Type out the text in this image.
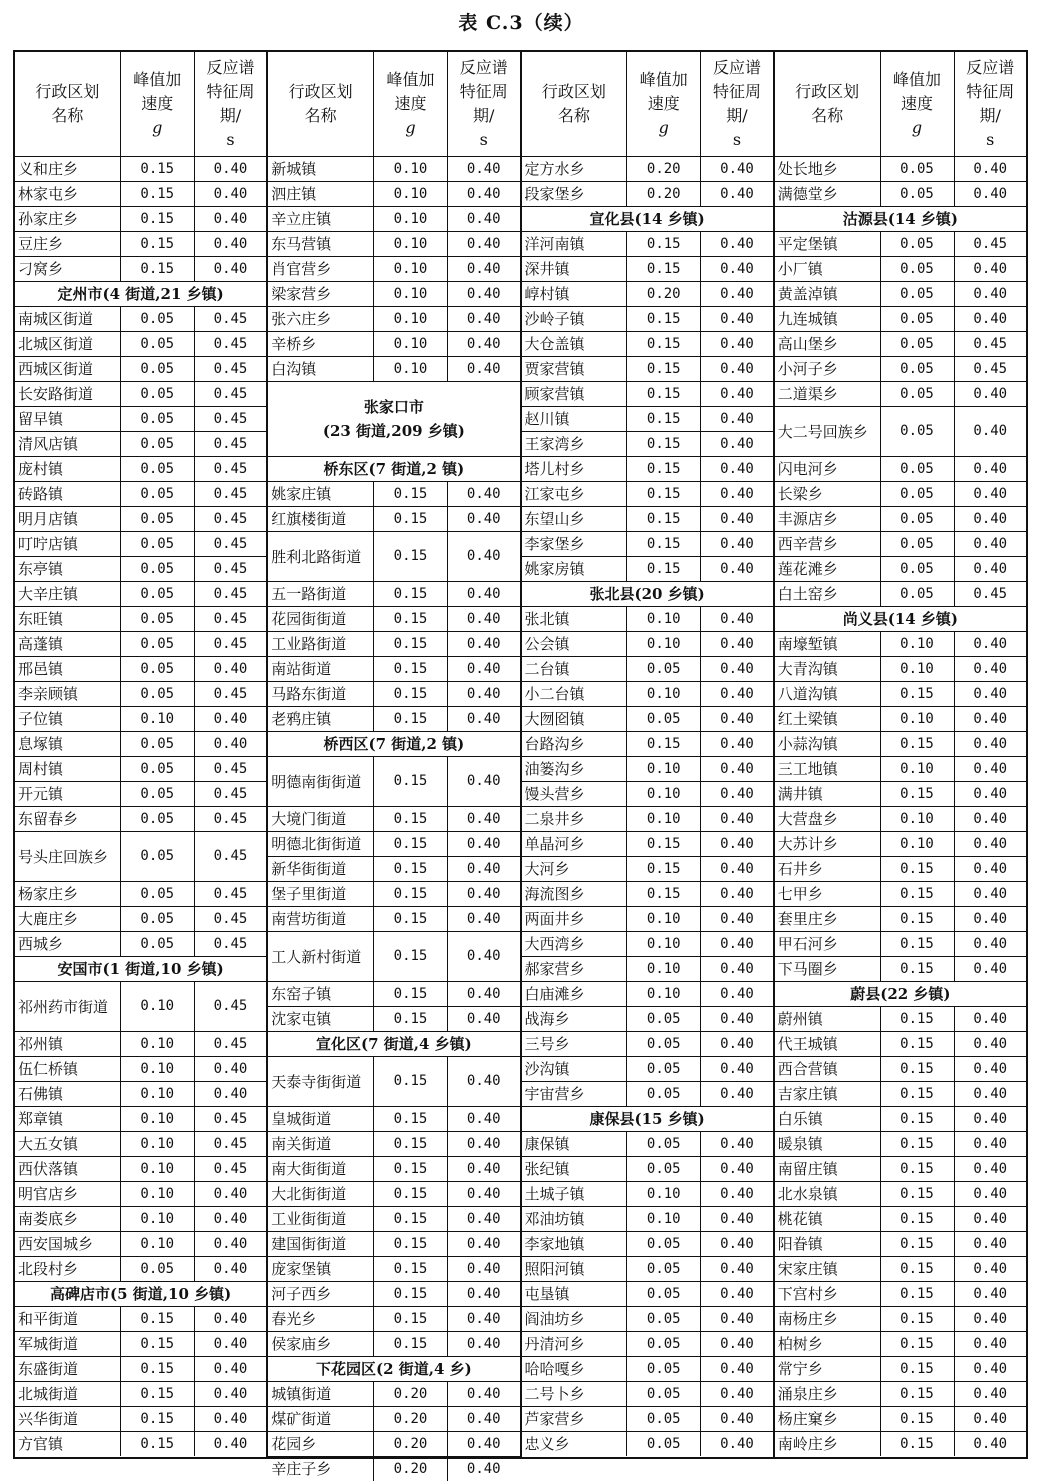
表 C.3（续）
行政区划名称	峰值加速度
g	反应谱特征周期/
s
义和庄乡	0.15	0.40
林家屯乡	0.15	0.40
孙家庄乡	0.15	0.40
豆庄乡	0.15	0.40
刁窝乡	0.15	0.40
定州市(4 街道,21 乡镇)		
南城区街道	0.05	0.45
北城区街道	0.05	0.45
西城区街道	0.05	0.45
长安路街道	0.05	0.45
留早镇	0.05	0.45
清风店镇	0.05	0.45
庞村镇	0.05	0.45
砖路镇	0.05	0.45
明月店镇	0.05	0.45
叮咛店镇	0.05	0.45
东亭镇	0.05	0.45
大辛庄镇	0.05	0.45
东旺镇	0.05	0.45
高蓬镇	0.05	0.45
邢邑镇	0.05	0.40
李亲顾镇	0.05	0.45
子位镇	0.10	0.40
息塚镇	0.05	0.40
周村镇	0.05	0.45
开元镇	0.05	0.45
东留春乡	0.05	0.45
号头庄回族乡	0.05	0.45
杨家庄乡	0.05	0.45
大鹿庄乡	0.05	0.45
西城乡	0.05	0.45
安国市(1 街道,10 乡镇)		
祁州药市街道	0.10	0.45
祁州镇	0.10	0.45
伍仁桥镇	0.10	0.40
石佛镇	0.10	0.40
郑章镇	0.10	0.45
大五女镇	0.10	0.45
西伏落镇	0.10	0.45
明官店乡	0.10	0.40
南娄底乡	0.10	0.40
西安国城乡	0.10	0.40
北段村乡	0.05	0.40
高碑店市(5 街道,10 乡镇)		
和平街道	0.15	0.40
军城街道	0.15	0.40
东盛街道	0.15	0.40
北城街道	0.15	0.40
兴华街道	0.15	0.40
方官镇	0.15	0.40
行政区划名称	峰值加速度
g	反应谱特征周期/
s
新城镇	0.10	0.40
泗庄镇	0.10	0.40
辛立庄镇	0.10	0.40
东马营镇	0.10	0.40
肖官营乡	0.10	0.40
梁家营乡	0.10	0.40
张六庄乡	0.10	0.40
辛桥乡	0.10	0.40
白沟镇	0.10	0.40
张家口市
(23 街道,209 乡镇)		
桥东区(7 街道,2 镇)		
姚家庄镇	0.15	0.40
红旗楼街道	0.15	0.40
胜利北路街道	0.15	0.40
五一路街道	0.15	0.40
花园街街道	0.15	0.40
工业路街道	0.15	0.40
南站街道	0.15	0.40
马路东街道	0.15	0.40
老鸦庄镇	0.15	0.40
桥西区(7 街道,2 镇)		
明德南街街道	0.15	0.40
大境门街道	0.15	0.40
明德北街街道	0.15	0.40
新华街街道	0.15	0.40
堡子里街道	0.15	0.40
南营坊街道	0.15	0.40
工人新村街道	0.15	0.40
东窑子镇	0.15	0.40
沈家屯镇	0.15	0.40
宣化区(7 街道,4 乡镇)		
天泰寺街街道	0.15	0.40
皇城街道	0.15	0.40
南关街道	0.15	0.40
南大街街道	0.15	0.40
大北街街道	0.15	0.40
工业街街道	0.15	0.40
建国街街道	0.15	0.40
庞家堡镇	0.15	0.40
河子西乡	0.15	0.40
春光乡	0.15	0.40
侯家庙乡	0.15	0.40
下花园区(2 街道,4 乡)		
城镇街道	0.20	0.40
煤矿街道	0.20	0.40
花园乡	0.20	0.40
辛庄子乡	0.20	0.40
行政区划名称	峰值加速度
g	反应谱特征周期/
s
定方水乡	0.20	0.40
段家堡乡	0.20	0.40
宣化县(14 乡镇)		
洋河南镇	0.15	0.40
深井镇	0.15	0.40
崞村镇	0.20	0.40
沙岭子镇	0.15	0.40
大仓盖镇	0.15	0.40
贾家营镇	0.15	0.40
顾家营镇	0.15	0.40
赵川镇	0.15	0.40
王家湾乡	0.15	0.40
塔儿村乡	0.15	0.40
江家屯乡	0.15	0.40
东望山乡	0.15	0.40
李家堡乡	0.15	0.40
姚家房镇	0.15	0.40
张北县(20 乡镇)		
张北镇	0.10	0.40
公会镇	0.10	0.40
二台镇	0.05	0.40
小二台镇	0.10	0.40
大囫囵镇	0.05	0.40
台路沟乡	0.15	0.40
油篓沟乡	0.10	0.40
馒头营乡	0.10	0.40
二泉井乡	0.10	0.40
单晶河乡	0.15	0.40
大河乡	0.15	0.40
海流图乡	0.15	0.40
两面井乡	0.10	0.40
大西湾乡	0.10	0.40
郝家营乡	0.10	0.40
白庙滩乡	0.10	0.40
战海乡	0.05	0.40
三号乡	0.05	0.40
沙沟镇	0.05	0.40
宇宙营乡	0.05	0.40
康保县(15 乡镇)		
康保镇	0.05	0.40
张纪镇	0.05	0.40
土城子镇	0.10	0.40
邓油坊镇	0.10	0.40
李家地镇	0.05	0.40
照阳河镇	0.05	0.40
屯垦镇	0.05	0.40
阎油坊乡	0.05	0.40
丹清河乡	0.05	0.40
哈哈嘎乡	0.05	0.40
二号卜乡	0.05	0.40
芦家营乡	0.05	0.40
忠义乡	0.05	0.40
行政区划名称	峰值加速度
g	反应谱特征周期/
s
处长地乡	0.05	0.40
满德堂乡	0.05	0.40
沽源县(14 乡镇)		
平定堡镇	0.05	0.45
小厂镇	0.05	0.40
黄盖淖镇	0.05	0.40
九连城镇	0.05	0.40
高山堡乡	0.05	0.45
小河子乡	0.05	0.45
二道渠乡	0.05	0.40
大二号回族乡	0.05	0.40
闪电河乡	0.05	0.40
长梁乡	0.05	0.40
丰源店乡	0.05	0.40
西辛营乡	0.05	0.40
莲花滩乡	0.05	0.40
白土窑乡	0.05	0.45
尚义县(14 乡镇)		
南壕堑镇	0.10	0.40
大青沟镇	0.10	0.40
八道沟镇	0.15	0.40
红土梁镇	0.10	0.40
小蒜沟镇	0.15	0.40
三工地镇	0.10	0.40
满井镇	0.15	0.40
大营盘乡	0.10	0.40
大苏计乡	0.10	0.40
石井乡	0.15	0.40
七甲乡	0.15	0.40
套里庄乡	0.15	0.40
甲石河乡	0.15	0.40
下马圈乡	0.15	0.40
蔚县(22 乡镇)		
蔚州镇	0.15	0.40
代王城镇	0.15	0.40
西合营镇	0.15	0.40
吉家庄镇	0.15	0.40
白乐镇	0.15	0.40
暖泉镇	0.15	0.40
南留庄镇	0.15	0.40
北水泉镇	0.15	0.40
桃花镇	0.15	0.40
阳眷镇	0.15	0.40
宋家庄镇	0.15	0.40
下宫村乡	0.15	0.40
南杨庄乡	0.15	0.40
柏树乡	0.15	0.40
常宁乡	0.15	0.40
涌泉庄乡	0.15	0.40
杨庄窠乡	0.15	0.40
南岭庄乡	0.15	0.40
